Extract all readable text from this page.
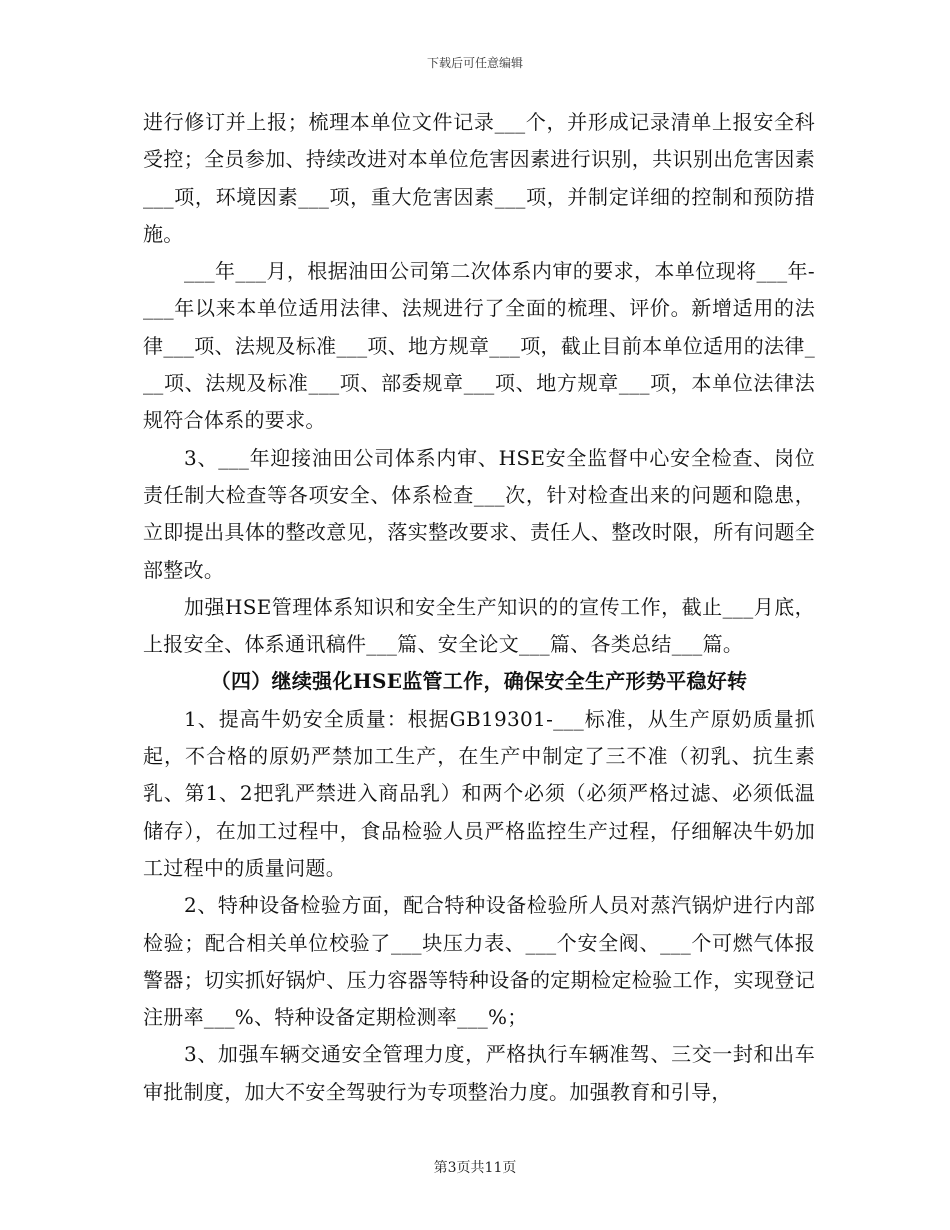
下载后可任意编辑

进行修订并上报；梳理本单位文件记录___个，并形成记录清单上报安全科受控；全员参加、持续改进对本单位危害因素进行识别，共识别出危害因素___项，环境因素___项，重大危害因素___项，并制定详细的控制和预防措施。

___年___月，根据油田公司第二次体系内审的要求，本单位现将___年-___年以来本单位适用法律、法规进行了全面的梳理、评价。新增适用的法律___项、法规及标准___项、地方规章___项，截止目前本单位适用的法律___项、法规及标准___项、部委规章___项、地方规章___项，本单位法律法规符合体系的要求。

3、___年迎接油田公司体系内审、HSE安全监督中心安全检查、岗位责任制大检查等各项安全、体系检查___次，针对检查出来的问题和隐患，立即提出具体的整改意见，落实整改要求、责任人、整改时限，所有问题全部整改。

加强HSE管理体系知识和安全生产知识的的宣传工作，截止___月底，上报安全、体系通讯稿件___篇、安全论文___篇、各类总结___篇。

（四）继续强化HSE监管工作，确保安全生产形势平稳好转

1、提高牛奶安全质量：根据GB19301-___标准，从生产原奶质量抓起，不合格的原奶严禁加工生产，在生产中制定了三不准（初乳、抗生素乳、第1、2把乳严禁进入商品乳）和两个必须（必须严格过滤、必须低温储存），在加工过程中，食品检验人员严格监控生产过程，仔细解决牛奶加工过程中的质量问题。

2、特种设备检验方面，配合特种设备检验所人员对蒸汽锅炉进行内部检验；配合相关单位校验了___块压力表、___个安全阀、___个可燃气体报警器；切实抓好锅炉、压力容器等特种设备的定期检定检验工作，实现登记注册率___%、特种设备定期检测率___%；

3、加强车辆交通安全管理力度，严格执行车辆准驾、三交一封和出车审批制度，加大不安全驾驶行为专项整治力度。加强教育和引导，

第3页共11页
